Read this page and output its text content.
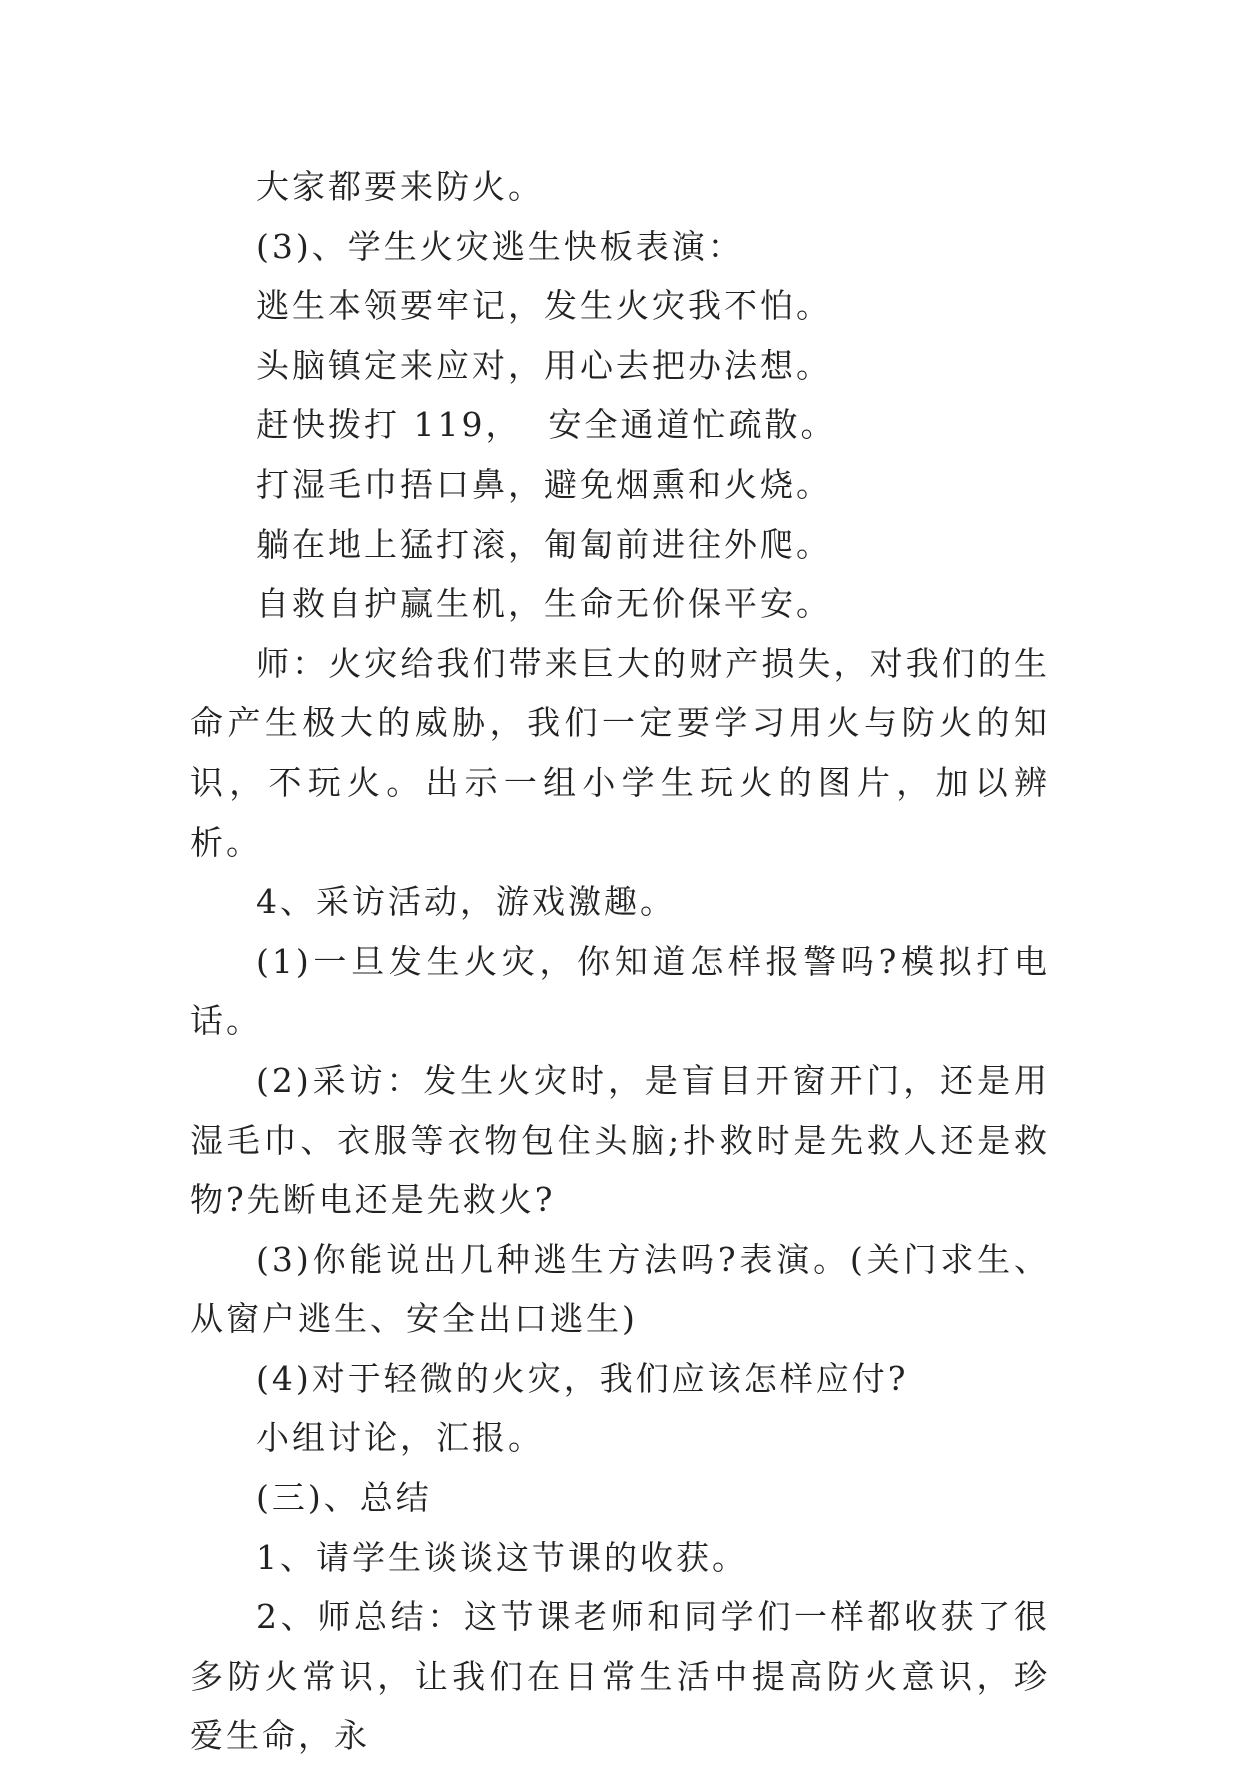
大家都要来防火。

(3)、学生火灾逃生快板表演：

逃生本领要牢记，发生火灾我不怕。

头脑镇定来应对，用心去把办法想。

赶快拨打 119，  安全通道忙疏散。

打湿毛巾捂口鼻，避免烟熏和火烧。

躺在地上猛打滚，匍匐前进往外爬。

自救自护赢生机，生命无价保平安。

师：火灾给我们带来巨大的财产损失，对我们的生命产生极大的威胁，我们一定要学习用火与防火的知识，不玩火。出示一组小学生玩火的图片，加以辨析。

4、采访活动，游戏激趣。

(1)一旦发生火灾，你知道怎样报警吗?模拟打电话。

(2)采访：发生火灾时，是盲目开窗开门，还是用湿毛巾、衣服等衣物包住头脑;扑救时是先救人还是救物?先断电还是先救火?

(3)你能说出几种逃生方法吗?表演。(关门求生、从窗户逃生、安全出口逃生)

(4)对于轻微的火灾，我们应该怎样应付?

小组讨论，汇报。

(三)、总结

1、请学生谈谈这节课的收获。

2、师总结：这节课老师和同学们一样都收获了很多防火常识，让我们在日常生活中提高防火意识，珍爱生命，永
